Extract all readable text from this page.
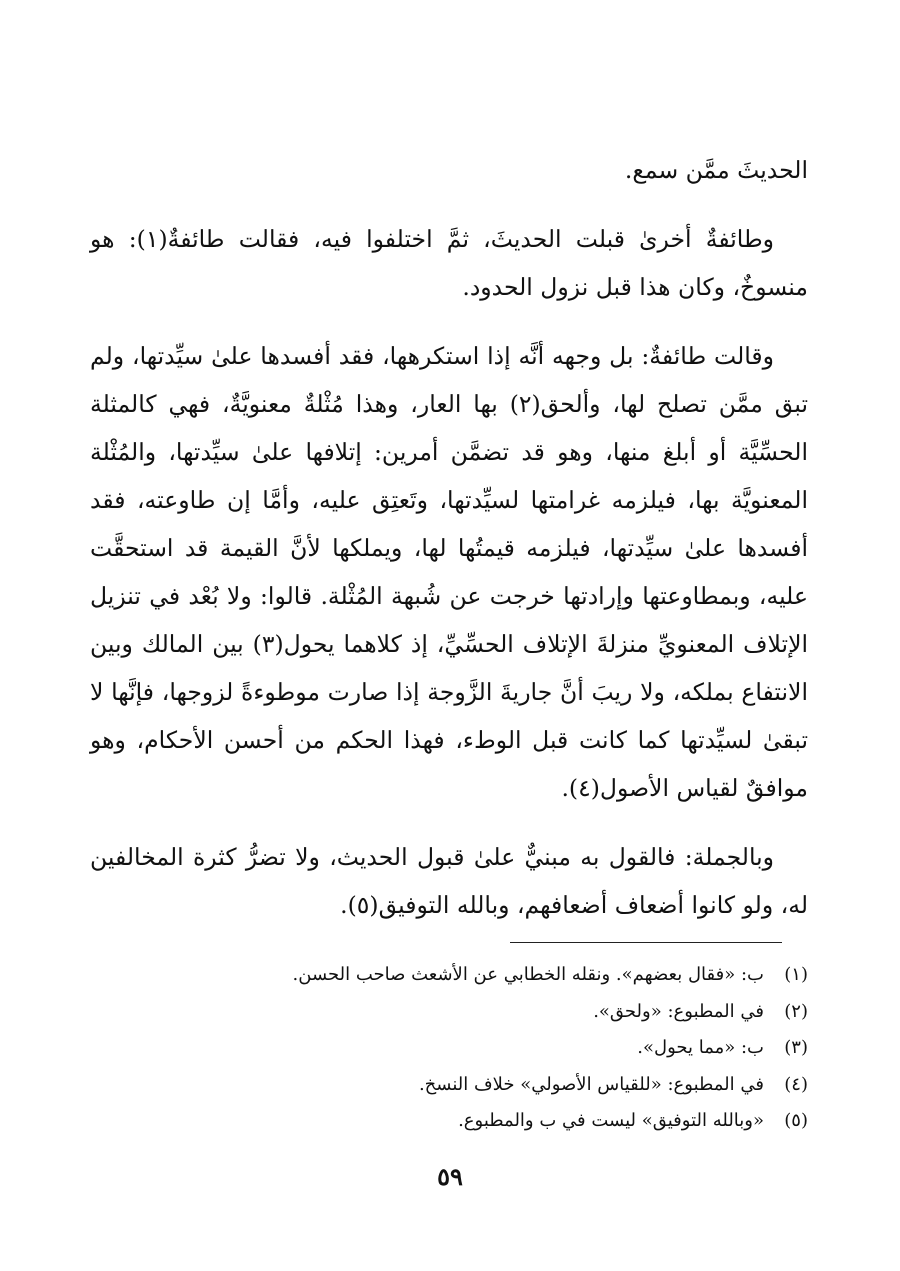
الحديثَ ممَّن سمع.

وطائفةٌ أخرىٰ قبلت الحديثَ، ثمَّ اختلفوا فيه، فقالت طائفةٌ(١): هو منسوخٌ، وكان هذا قبل نزول الحدود.

وقالت طائفةٌ: بل وجهه أنَّه إذا استكرهها، فقد أفسدها علىٰ سيِّدتها، ولم تبق ممَّن تصلح لها، وألحق(٢) بها العار، وهذا مُثْلةٌ معنويَّةٌ، فهي كالمثلة الحسِّيَّة أو أبلغ منها، وهو قد تضمَّن أمرين: إتلافها علىٰ سيِّدتها، والمُثْلة المعنويَّة بها، فيلزمه غرامتها لسيِّدتها، وتَعتِق عليه، وأمَّا إن طاوعته، فقد أفسدها علىٰ سيِّدتها، فيلزمه قيمتُها لها، ويملكها لأنَّ القيمة قد استحقَّت عليه، وبمطاوعتها وإرادتها خرجت عن شُبهة المُثْلة. قالوا: ولا بُعْد في تنزيل الإتلاف المعنويِّ منزلةَ الإتلاف الحسِّيِّ، إذ كلاهما يحول(٣) بين المالك وبين الانتفاع بملكه، ولا ريبَ أنَّ جاريةَ الزَّوجة إذا صارت موطوءةً لزوجها، فإنَّها لا تبقىٰ لسيِّدتها كما كانت قبل الوطء، فهذا الحكم من أحسن الأحكام، وهو موافقٌ لقياس الأصول(٤).

وبالجملة: فالقول به مبنيٌّ علىٰ قبول الحديث، ولا تضرُّ كثرة المخالفين له، ولو كانوا أضعاف أضعافهم، وبالله التوفيق(٥).

(١)ب: «فقال بعضهم». ونقله الخطابي عن الأشعث صاحب الحسن.
(٢)في المطبوع: «ولحق».
(٣)ب: «مما يحول».
(٤)في المطبوع: «للقياس الأصولي» خلاف النسخ.
(٥)«وبالله التوفيق» ليست في ب والمطبوع.
٥٩
